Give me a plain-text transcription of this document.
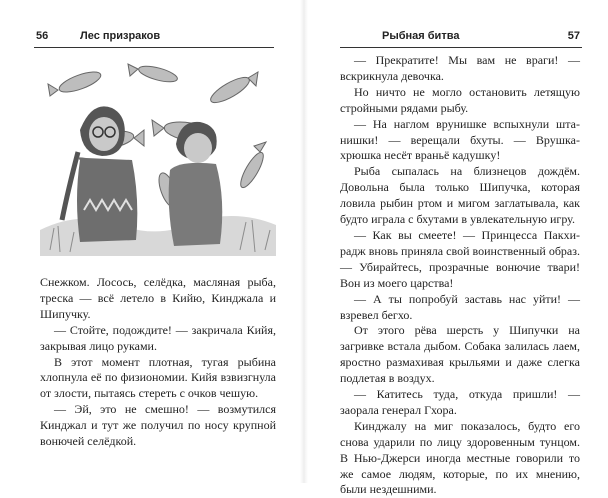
56	Лес призраков

Снежком. Лосось, селёдка, масляная рыба, треска — всё летело в Кийю, Кинджала и Шипучку.

— Стойте, подождите! — закричала Кийя, закрывая лицо руками.

В этот момент плотная, тугая рыбина хлопнула её по физиономии. Кийя взвизгнула от злости, пытаясь стереть с очков чешую.

— Эй, это не смешно! — возмутился Кинджал и тут же получил по носу крупной вонючей селёдкой.

Рыбная битва	57

— Прекратите! Мы вам не враги! — вскрикнула девочка.

Но ничто не могло остановить летящую стройными рядами рыбу.

— На наглом врунишке вспыхнули штанишки! — верещали бхуты. — Врушкахрюшка несёт враньё кадушку!

Рыба сыпалась на близнецов дождём. Довольна была только Шипучка, которая ловила рыбин ртом и мигом заглатывала, как будто играла с бхутами в увлекательную игру.

— Как вы смеете! — Принцесса Пакхирадж вновь приняла свой воинственный образ. — Убирайтесь, прозрачные вонючие твари! Вон из моего царства!

— А ты попробуй заставь нас уйти! — взревел бегхо.

От этого рёва шерсть у Шипучки на загривке встала дыбом. Собака залилась лаем, яростно размахивая крыльями и даже слегка подлетая в воздух.

— Катитесь туда, откуда пришли! — заорала генерал Гхора.

Кинджалу на миг показалось, будто его снова ударили по лицу здоровенным тунцом. В Нью-Джерси иногда местные говорили то же самое людям, которые, по их мнению, были нездешними.
